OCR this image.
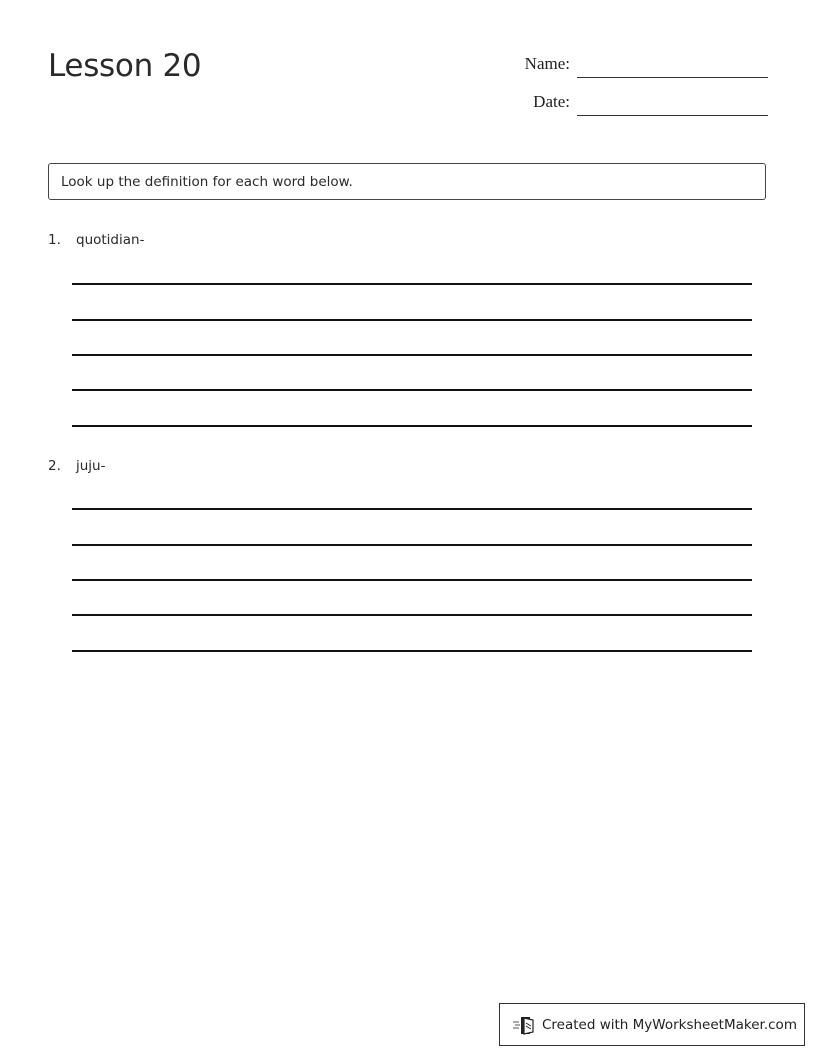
Lesson 20	Name:
Date:
Look up the definition for each word below.
1. quotidian-
2. juju-
Created with MyWorksheetMaker.com
